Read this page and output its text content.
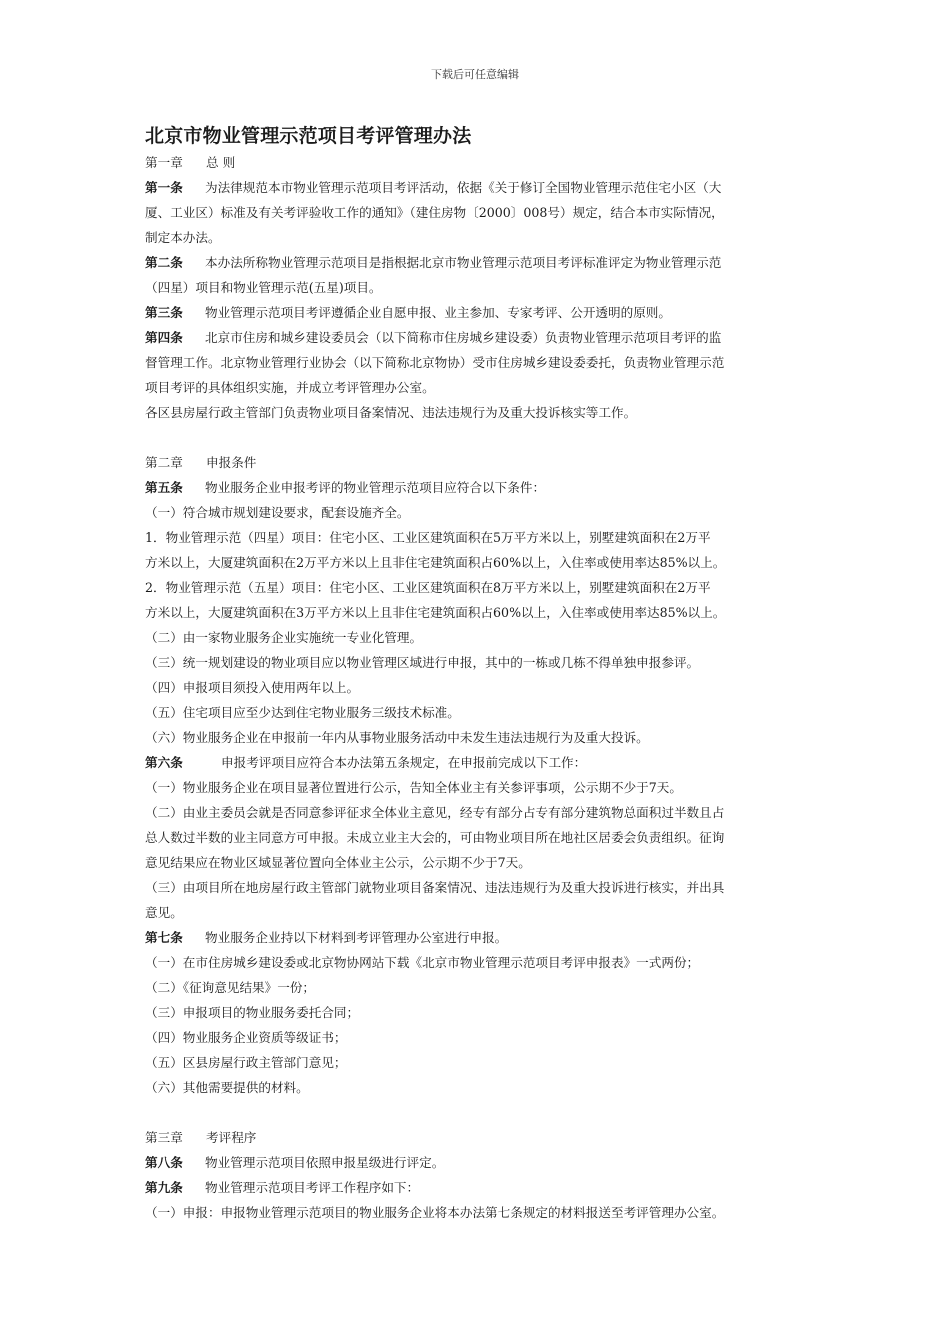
下载后可任意编辑
北京市物业管理示范项目考评管理办法

第一章 总 则

第一条 为法律规范本市物业管理示范项目考评活动，依据《关于修订全国物业管理示范住宅小区（大

厦、工业区）标准及有关考评验收工作的通知》（建住房物〔2000〕008号）规定，结合本市实际情况，

制定本办法。

第二条 本办法所称物业管理示范项目是指根据北京市物业管理示范项目考评标准评定为物业管理示范

（四星）项目和物业管理示范(五星)项目。

第三条 物业管理示范项目考评遵循企业自愿申报、业主参加、专家考评、公开透明的原则。

第四条 北京市住房和城乡建设委员会（以下简称市住房城乡建设委）负责物业管理示范项目考评的监

督管理工作。北京物业管理行业协会（以下简称北京物协）受市住房城乡建设委委托，负责物业管理示范

项目考评的具体组织实施，并成立考评管理办公室。

各区县房屋行政主管部门负责物业项目备案情况、违法违规行为及重大投诉核实等工作。

第二章 申报条件

第五条 物业服务企业申报考评的物业管理示范项目应符合以下条件：

（一）符合城市规划建设要求，配套设施齐全。

1．物业管理示范（四星）项目：住宅小区、工业区建筑面积在5万平方米以上，别墅建筑面积在2万平

方米以上，大厦建筑面积在2万平方米以上且非住宅建筑面积占60%以上，入住率或使用率达85%以上。

2．物业管理示范（五星）项目：住宅小区、工业区建筑面积在8万平方米以上，别墅建筑面积在2万平

方米以上，大厦建筑面积在3万平方米以上且非住宅建筑面积占60%以上，入住率或使用率达85%以上。

（二）由一家物业服务企业实施统一专业化管理。

（三）统一规划建设的物业项目应以物业管理区域进行申报，其中的一栋或几栋不得单独申报参评。

（四）申报项目须投入使用两年以上。

（五）住宅项目应至少达到住宅物业服务三级技术标准。

（六）物业服务企业在申报前一年内从事物业服务活动中未发生违法违规行为及重大投诉。

第六条	申报考评项目应符合本办法第五条规定，在申报前完成以下工作：

（一）物业服务企业在项目显著位置进行公示，告知全体业主有关参评事项，公示期不少于7天。

（二）由业主委员会就是否同意参评征求全体业主意见，经专有部分占专有部分建筑物总面积过半数且占

总人数过半数的业主同意方可申报。未成立业主大会的，可由物业项目所在地社区居委会负责组织。征询

意见结果应在物业区域显著位置向全体业主公示，公示期不少于7天。

（三）由项目所在地房屋行政主管部门就物业项目备案情况、违法违规行为及重大投诉进行核实，并出具

意见。

第七条 物业服务企业持以下材料到考评管理办公室进行申报。

（一）在市住房城乡建设委或北京物协网站下载《北京市物业管理示范项目考评申报表》一式两份；

（二）《征询意见结果》一份；

（三）申报项目的物业服务委托合同；

（四）物业服务企业资质等级证书；

（五）区县房屋行政主管部门意见；

（六）其他需要提供的材料。

第三章 考评程序

第八条 物业管理示范项目依照申报星级进行评定。

第九条 物业管理示范项目考评工作程序如下：

（一）申报：申报物业管理示范项目的物业服务企业将本办法第七条规定的材料报送至考评管理办公室。
